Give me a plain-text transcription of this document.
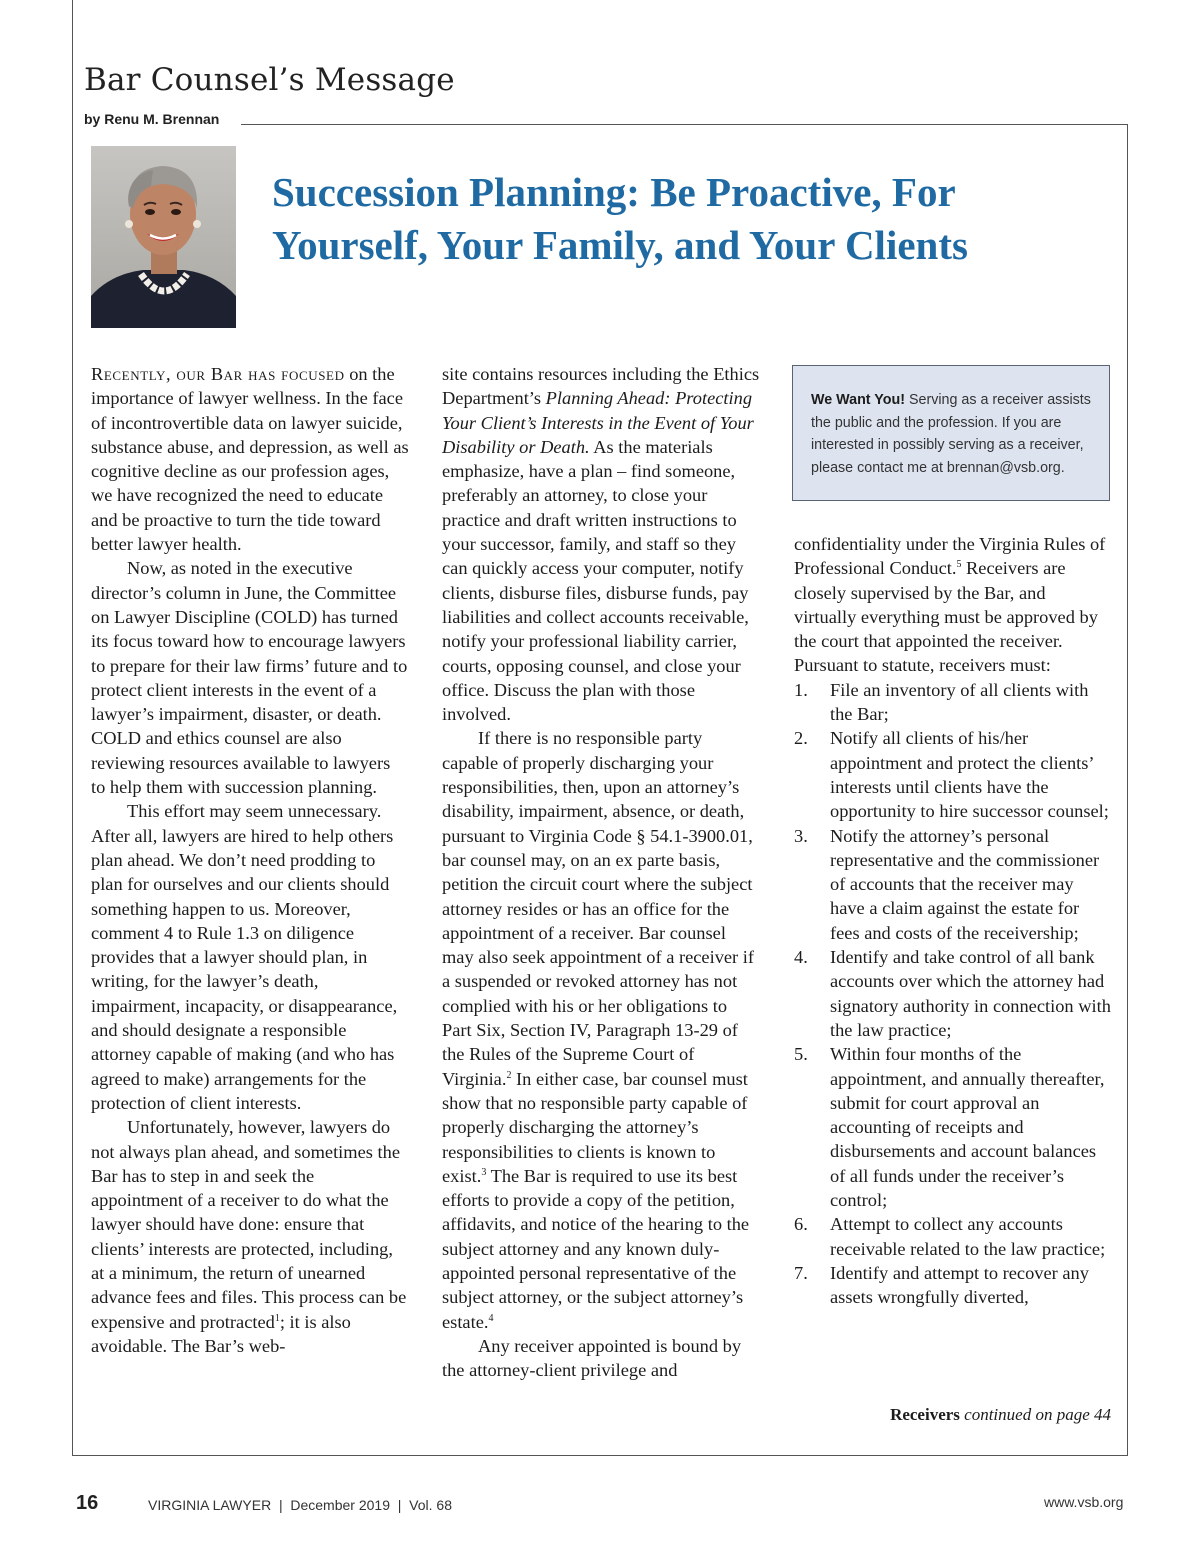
Bar Counsel’s Message
by Renu M. Brennan
Succession Planning: Be Proactive, For Yourself, Your Family, and Your Clients

Recently, our Bar has focused on the importance of lawyer wellness. In the face of incontrovertible data on lawyer suicide, substance abuse, and depression, as well as cognitive decline as our profession ages, we have recognized the need to educate and be proactive to turn the tide toward better lawyer health.

Now, as noted in the executive director’s column in June, the Committee on Lawyer Discipline (COLD) has turned its focus toward how to encourage lawyers to prepare for their law firms’ future and to protect client interests in the event of a lawyer’s impairment, disaster, or death. COLD and ethics counsel are also reviewing resources available to lawyers to help them with succession planning.

This effort may seem unnecessary. After all, lawyers are hired to help others plan ahead. We don’t need prodding to plan for ourselves and our clients should something happen to us. Moreover, comment 4 to Rule 1.3 on diligence provides that a lawyer should plan, in writing, for the lawyer’s death, impairment, incapacity, or disappearance, and should designate a responsible attorney capable of making (and who has agreed to make) arrangements for the protection of client interests.

Unfortunately, however, lawyers do not always plan ahead, and sometimes the Bar has to step in and seek the appointment of a receiver to do what the lawyer should have done: ensure that clients’ interests are protected, including, at a minimum, the return of unearned advance fees and files. This process can be expensive and protracted$^1$; it is also avoidable. The Bar’s web-

site contains resources including the Ethics Department’s Planning Ahead: Protecting Your Client’s Interests in the Event of Your Disability or Death. As the materials emphasize, have a plan – find someone, preferably an attorney, to close your practice and draft written instructions to your successor, family, and staff so they can quickly access your computer, notify clients, disburse files, disburse funds, pay liabilities and collect accounts receivable, notify your professional liability carrier, courts, opposing counsel, and close your office. Discuss the plan with those involved.

If there is no responsible party capable of properly discharging your responsibilities, then, upon an attorney’s disability, impairment, absence, or death, pursuant to Virginia Code § 54.1-3900.01, bar counsel may, on an ex parte basis, petition the circuit court where the subject attorney resides or has an office for the appointment of a receiver. Bar counsel may also seek appointment of a receiver if a suspended or revoked attorney has not complied with his or her obligations to Part Six, Section IV, Paragraph 13-29 of the Rules of the Supreme Court of Virginia.$^2$ In either case, bar counsel must show that no responsible party capable of properly discharging the attorney’s responsibilities to clients is known to exist.$^3$ The Bar is required to use its best efforts to provide a copy of the petition, affidavits, and notice of the hearing to the subject attorney and any known duly-appointed personal representative of the subject attorney, or the subject attorney’s estate.$^4$

Any receiver appointed is bound by the attorney-client privilege and

We Want You! Serving as a receiver assists the public and the profession. If you are interested in possibly serving as a receiver, please contact me at brennan@vsb.org.

confidentiality under the Virginia Rules of Professional Conduct.$^5$ Receivers are closely supervised by the Bar, and virtually everything must be approved by the court that appointed the receiver. Pursuant to statute, receivers must:

1. File an inventory of all clients with the Bar;
2. Notify all clients of his/her appointment and protect the clients’ interests until clients have the opportunity to hire successor counsel;
3. Notify the attorney’s personal representative and the commissioner of accounts that the receiver may have a claim against the estate for fees and costs of the receivership;
4. Identify and take control of all bank accounts over which the attorney had signatory authority in connection with the law practice;
5. Within four months of the appointment, and annually thereafter, submit for court approval an accounting of receipts and disbursements and account balances of all funds under the receiver’s control;
6. Attempt to collect any accounts receivable related to the law practice;
7. Identify and attempt to recover any assets wrongfully diverted,
Receivers continued on page 44
16	VIRGINIA LAWYER  |  December 2019  |  Vol. 68	www.vsb.org
